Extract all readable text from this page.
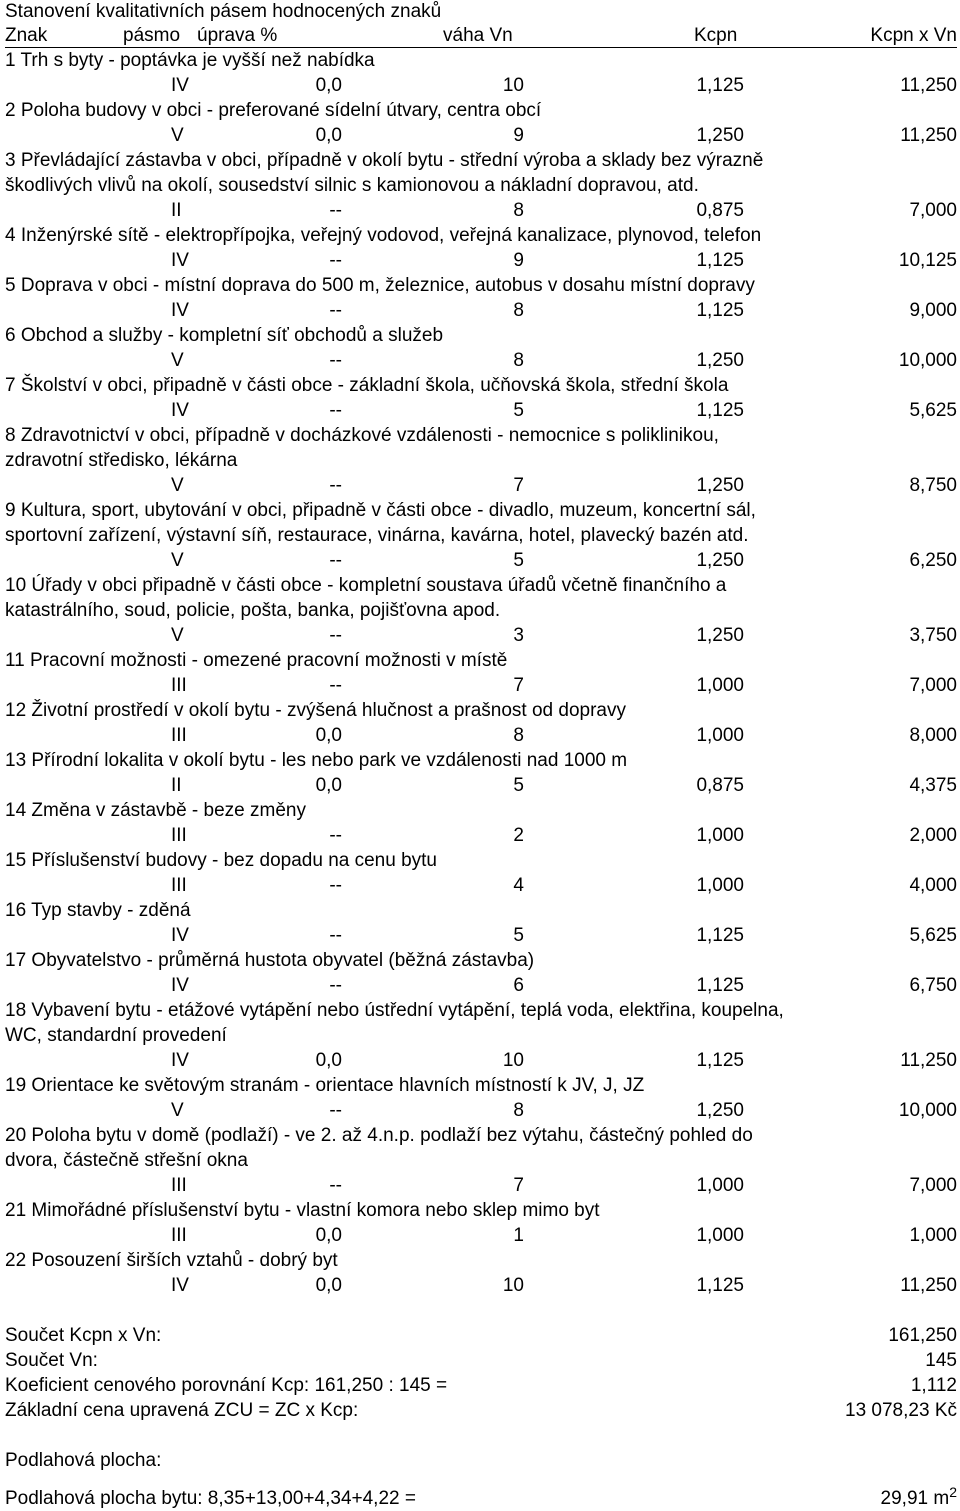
Stanovení kvalitativních pásem hodnocených znaků
Znak	pásmo úprava %	váha Vn	Kcpn	Kcpn x Vn
1 Trh s byty - poptávka je vyšší než nabídka
IV	0,0	10	1,125	11,250
2 Poloha budovy v obci - preferované sídelní útvary, centra obcí
V	0,0	9	1,250	11,250
3 Převládající zástavba v obci, případně v okolí bytu - střední výroba a sklady bez výrazně
škodlivých vlivů na okolí, sousedství silnic s kamionovou a nákladní dopravou, atd.
II	--	8	0,875	7,000
4 Inženýrské sítě - elektropřípojka, veřejný vodovod, veřejná kanalizace, plynovod, telefon
IV	--	9	1,125	10,125
5 Doprava v obci - místní doprava do 500 m, železnice, autobus v dosahu místní dopravy
IV	--	8	1,125	9,000
6 Obchod a služby - kompletní síť obchodů a služeb
V	--	8	1,250	10,000
7 Školství v obci, připadně v části obce - základní škola, učňovská škola, střední škola
IV	--	5	1,125	5,625
8 Zdravotnictví v obci, případně v docházkové vzdálenosti - nemocnice s poliklinikou,
zdravotní středisko, lékárna
V	--	7	1,250	8,750
9 Kultura, sport, ubytování v obci, připadně v části obce - divadlo, muzeum, koncertní sál,
sportovní zařízení, výstavní síň, restaurace, vinárna, kavárna, hotel, plavecký bazén atd.
V	--	5	1,250	6,250
10 Úřady v obci připadně v části obce - kompletní soustava úřadů včetně finančního a
katastrálního, soud, policie, pošta, banka, pojišťovna apod.
V	--	3	1,250	3,750
11 Pracovní možnosti - omezené pracovní možnosti v místě
III	--	7	1,000	7,000
12 Životní prostředí v okolí bytu - zvýšená hlučnost a prašnost od dopravy
III	0,0	8	1,000	8,000
13 Přírodní lokalita v okolí bytu - les nebo park ve vzdálenosti nad 1000 m
II	0,0	5	0,875	4,375
14 Změna v zástavbě - beze změny
III	--	2	1,000	2,000
15 Příslušenství budovy - bez dopadu na cenu bytu
III	--	4	1,000	4,000
16 Typ stavby - zděná
IV	--	5	1,125	5,625
17 Obyvatelstvo - průměrná hustota obyvatel (běžná zástavba)
IV	--	6	1,125	6,750
18 Vybavení bytu - etážové vytápění nebo ústřední vytápění, teplá voda, elektřina, koupelna,
WC, standardní provedení
IV	0,0	10	1,125	11,250
19 Orientace ke světovým stranám - orientace hlavních místností k JV, J, JZ
V	--	8	1,250	10,000
20 Poloha bytu v domě (podlaží) - ve 2. až 4.n.p. podlaží bez výtahu, částečný pohled do
dvora, částečně střešní okna
III	--	7	1,000	7,000
21 Mimořádné příslušenství bytu - vlastní komora nebo sklep mimo byt
III	0,0	1	1,000	1,000
22 Posouzení širších vztahů - dobrý byt
IV	0,0	10	1,125	11,250
Součet Kcpn x Vn:	161,250
Součet Vn:	145
Koeficient cenového porovnání Kcp: 161,250 : 145 =	1,112
Základní cena upravená ZCU = ZC x Kcp:	13 078,23 Kč
Podlahová plocha:
Podlahová plocha bytu: 8,35+13,00+4,34+4,22 =	29,91 $m^2$
